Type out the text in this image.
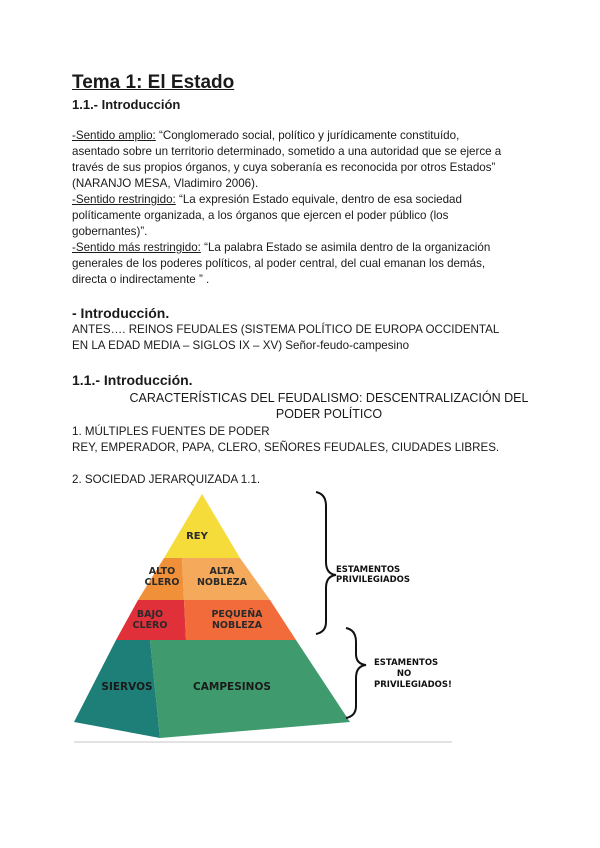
Tema 1: El Estado
1.1.- Introducción
-Sentido amplio: “Conglomerado social, político y jurídicamente constituído,
asentado sobre un territorio determinado, sometido a una autoridad que se ejerce a
través de sus propios órganos, y cuya soberanía es reconocida por otros Estados”
(NARANJO MESA, Vladimiro 2006).
-Sentido restringido: “La expresión Estado equivale, dentro de esa sociedad
políticamente organizada, a los órganos que ejercen el poder público (los
gobernantes)”.
-Sentido más restringido: “La palabra Estado se asimila dentro de la organización
generales de los poderes políticos, al poder central, del cual emanan los demás,
directa o indirectamente ” .
- Introducción.
ANTES…. REINOS FEUDALES (SISTEMA POLÍTICO DE EUROPA OCCIDENTAL
EN LA EDAD MEDIA – SIGLOS IX – XV) Señor-feudo-campesino
1.1.- Introducción.
CARACTERÍSTICAS DEL FEUDALISMO: DESCENTRALIZACIÓN DEL
PODER POLÍTICO
1. MÚLTIPLES FUENTES DE PODER
REY, EMPERADOR, PAPA, CLERO, SEÑORES FEUDALES, CIUDADES LIBRES.
2. SOCIEDAD JERARQUIZADA 1.1.
REY
ALTO
CLERO
ALTA
NOBLEZA
BAJO
CLERO
PEQUEÑA
NOBLEZA
SIERVOS	CAMPESINOS
ESTAMENTOS
PRIVILEGIADOS
ESTAMENTOS
NO
PRIVILEGIADOS!
